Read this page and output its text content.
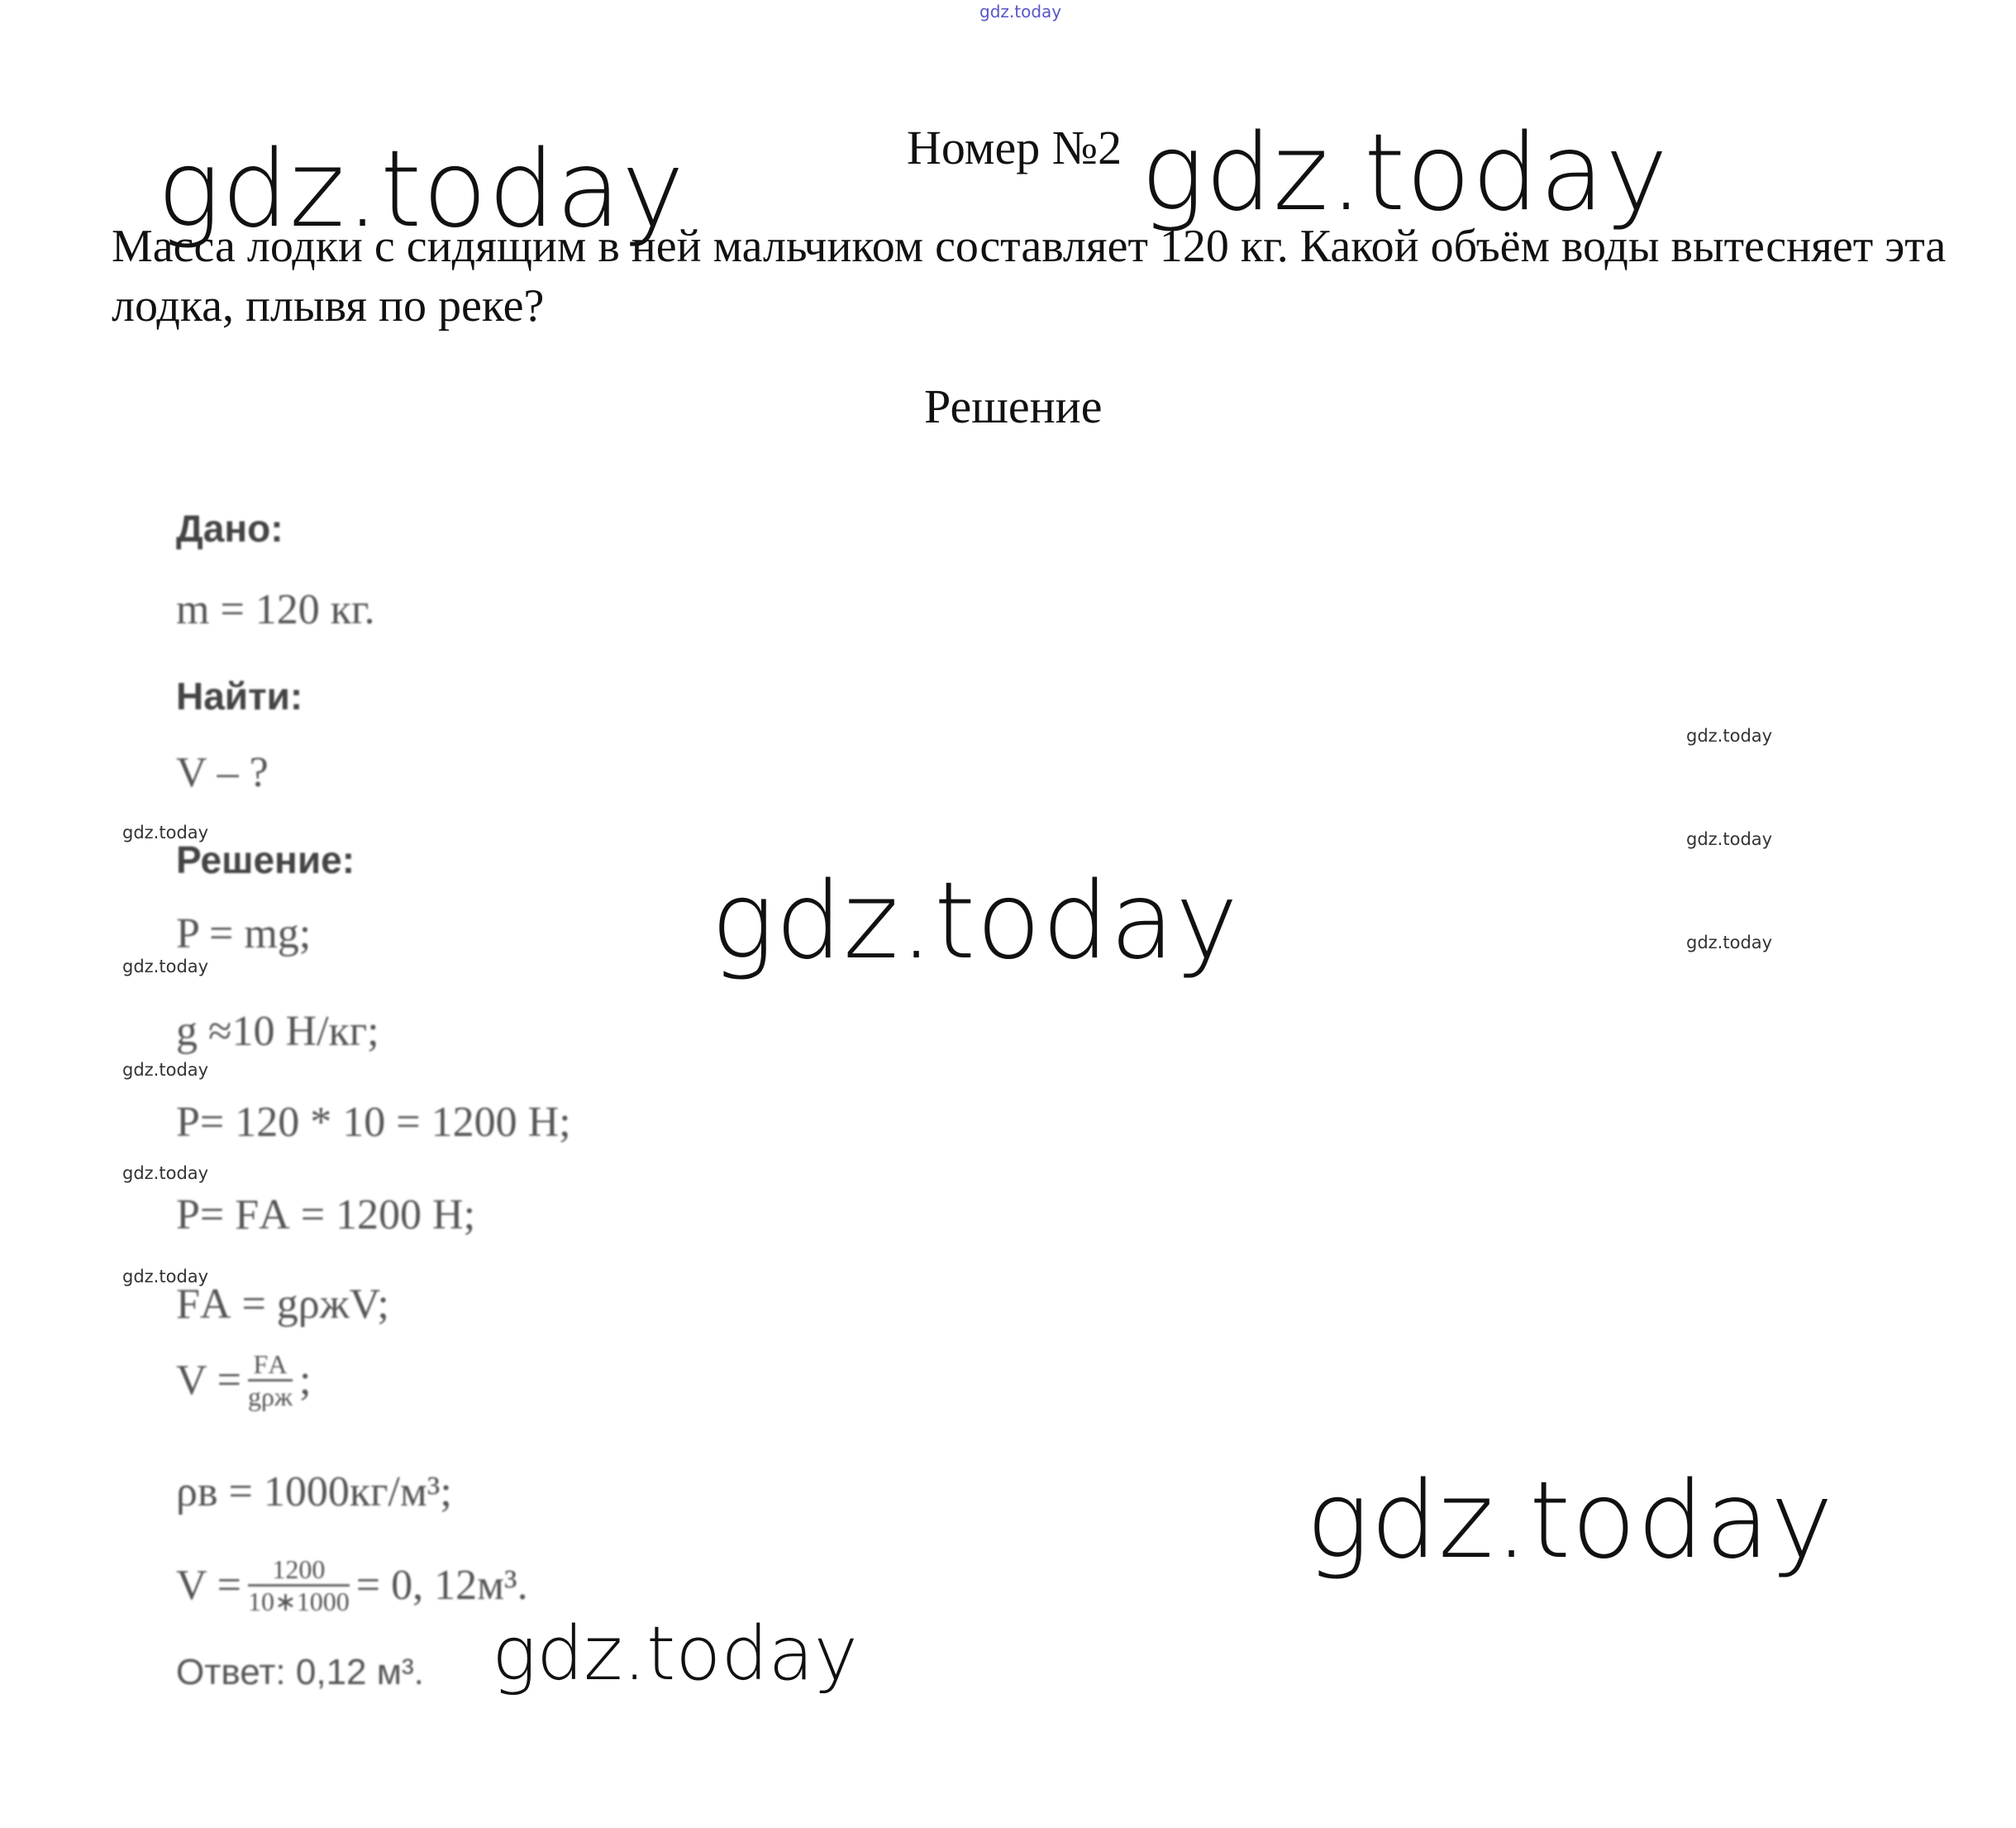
gdz.today
Номер №2
Масса лодки с сидящим в ней мальчиком составляет 120 кг. Какой объём воды вытесняет эта лодка, плывя по реке?
Решение
Дано:
m = 120 кг.
Найти:
V – ?
Решение:
P = mg;
g ≈10 Н/кг;
P= 120 * 10 = 1200 Н;
P= FА = 1200 Н;
FА = gρжV;
$V = \frac{FА}{\text{gρж}}$ ;
ρв = 1000кг/м³;
$V = \frac{1200}{10∗1000} = 0$, 12м³.
Ответ: 0,12 м³.
gdz.today	gdz.today
gdz.today
gdz.today
gdz.today
gdz.today
gdz.today
gdz.today
gdz.today
gdz.today
gdz.today
gdz.today
gdz.today
